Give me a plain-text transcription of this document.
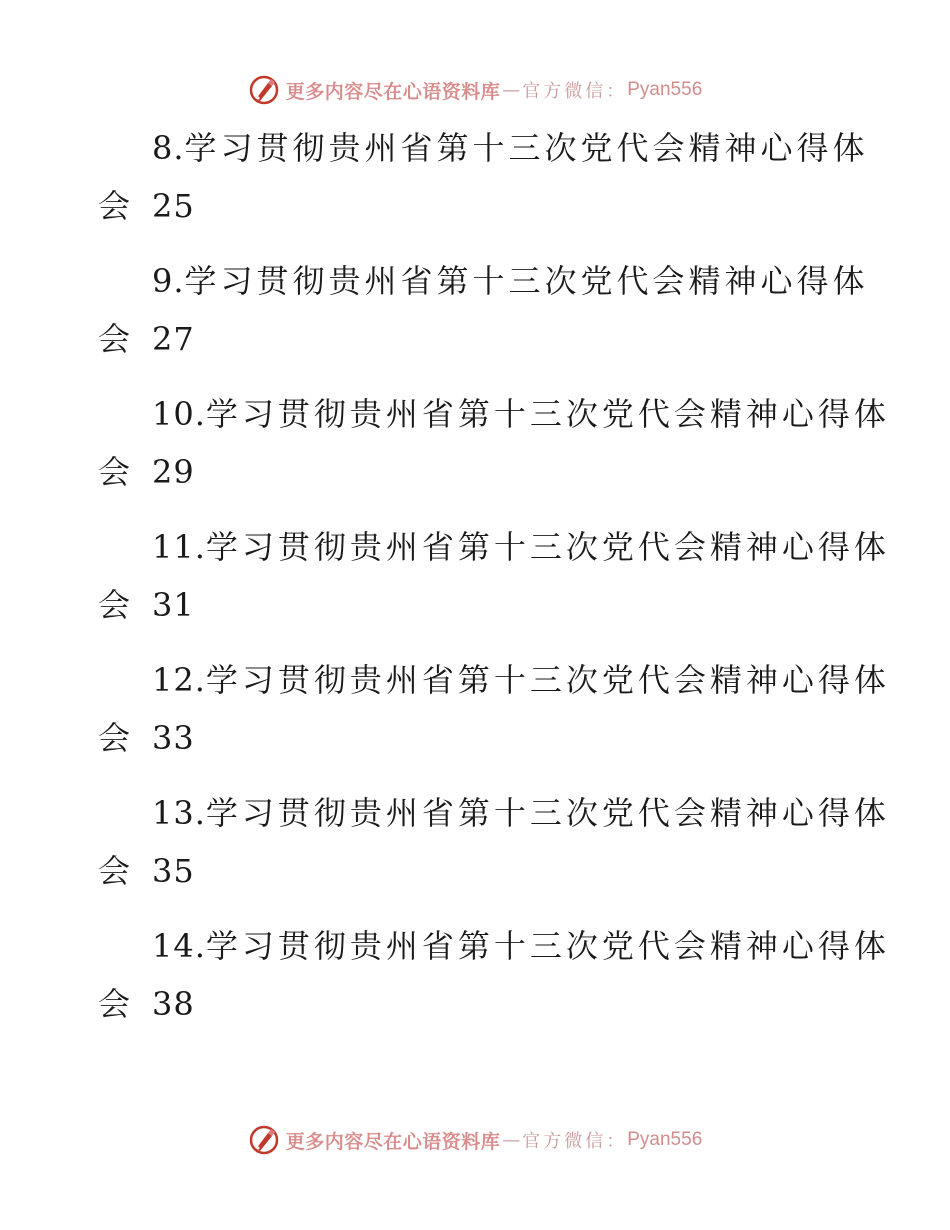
更多内容尽在心语资料库 — 官方微信： Pyan556
8.学习贯彻贵州省第十三次党代会精神心得体
会 25
9.学习贯彻贵州省第十三次党代会精神心得体
会 27
10.学习贯彻贵州省第十三次党代会精神心得体
会 29
11.学习贯彻贵州省第十三次党代会精神心得体
会 31
12.学习贯彻贵州省第十三次党代会精神心得体
会 33
13.学习贯彻贵州省第十三次党代会精神心得体
会 35
14.学习贯彻贵州省第十三次党代会精神心得体
会 38
更多内容尽在心语资料库 — 官方微信： Pyan556
